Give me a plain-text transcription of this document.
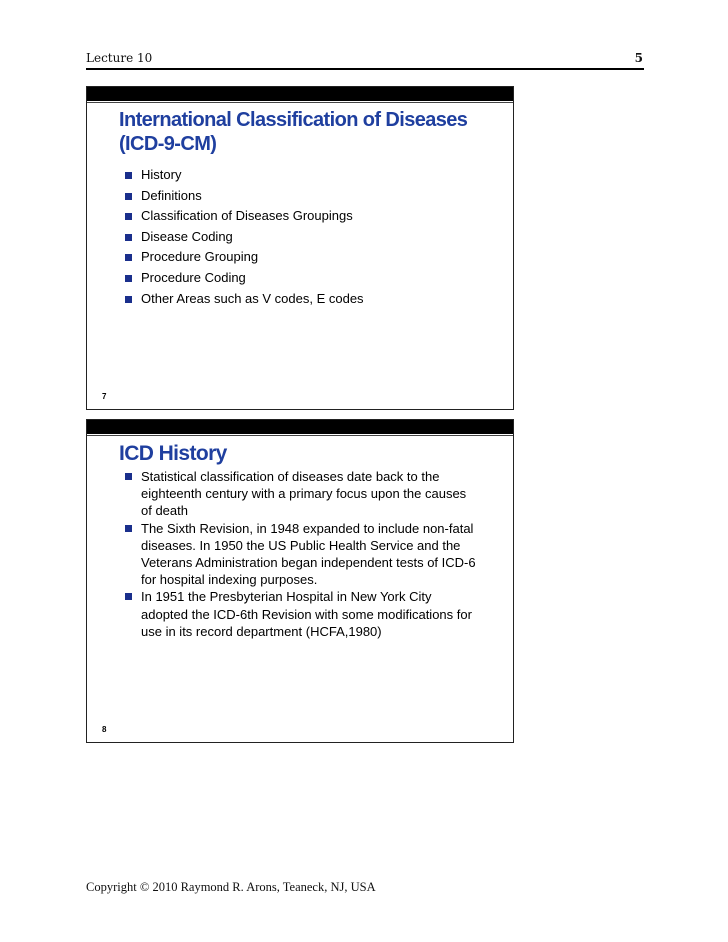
Lecture 10	5
International Classification of Diseases
(ICD-9-CM)
History
Definitions
Classification of Diseases Groupings
Disease Coding
Procedure Grouping
Procedure Coding
Other Areas such as V codes, E codes
7
ICD History
Statistical classification of diseases date back to the eighteenth century with a primary focus upon the causes of death
The Sixth Revision, in 1948 expanded to include non-fatal diseases. In 1950 the US Public Health Service and the Veterans Administration began independent tests of ICD-6 for hospital indexing purposes.
In 1951 the Presbyterian Hospital in New York City adopted the ICD-6th Revision with some modifications for use in its record department (HCFA,1980)
8
Copyright © 2010 Raymond R. Arons, Teaneck, NJ, USA
